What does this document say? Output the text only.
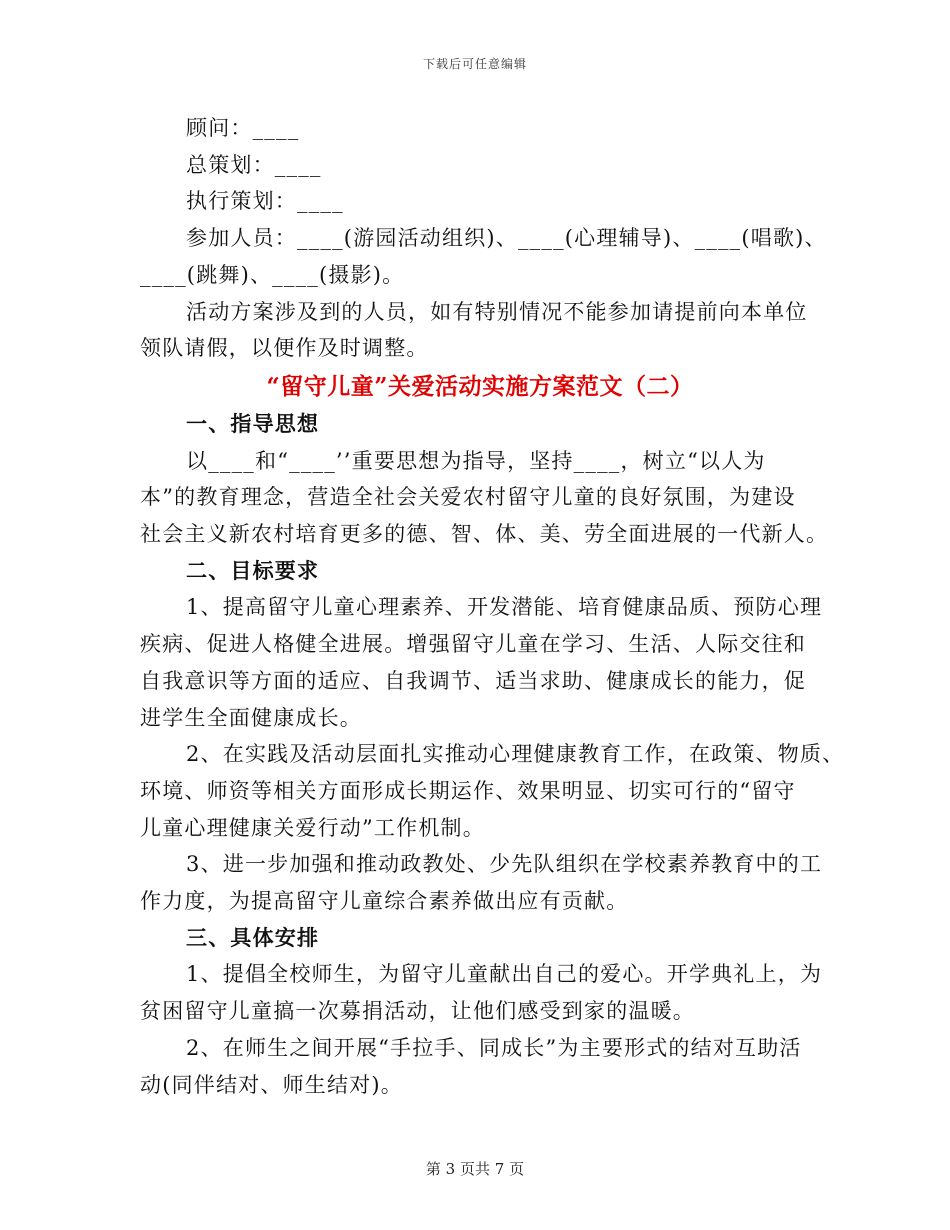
下载后可任意编辑
顾问：____
总策划：____
执行策划：____
参加人员：____(游园活动组织)、____(心理辅导)、____(唱歌)、
____(跳舞)、____(摄影)。
活动方案涉及到的人员，如有特别情况不能参加请提前向本单位
领队请假，以便作及时调整。
“留守儿童”关爱活动实施方案范文（二）
一、指导思想
以____和“____’’重要思想为指导，坚持____，树立“以人为
本”的教育理念，营造全社会关爱农村留守儿童的良好氛围，为建设
社会主义新农村培育更多的德、智、体、美、劳全面进展的一代新人。
二、目标要求
1、提高留守儿童心理素养、开发潜能、培育健康品质、预防心理
疾病、促进人格健全进展。增强留守儿童在学习、生活、人际交往和
自我意识等方面的适应、自我调节、适当求助、健康成长的能力，促
进学生全面健康成长。
2、在实践及活动层面扎实推动心理健康教育工作，在政策、物质、
环境、师资等相关方面形成长期运作、效果明显、切实可行的“留守
儿童心理健康关爱行动”工作机制。
3、进一步加强和推动政教处、少先队组织在学校素养教育中的工
作力度，为提高留守儿童综合素养做出应有贡献。
三、具体安排
1、提倡全校师生，为留守儿童献出自己的爱心。开学典礼上，为
贫困留守儿童搞一次募捐活动，让他们感受到家的温暖。
2、在师生之间开展“手拉手、同成长”为主要形式的结对互助活
动(同伴结对、师生结对)。
第 3 页共 7 页
